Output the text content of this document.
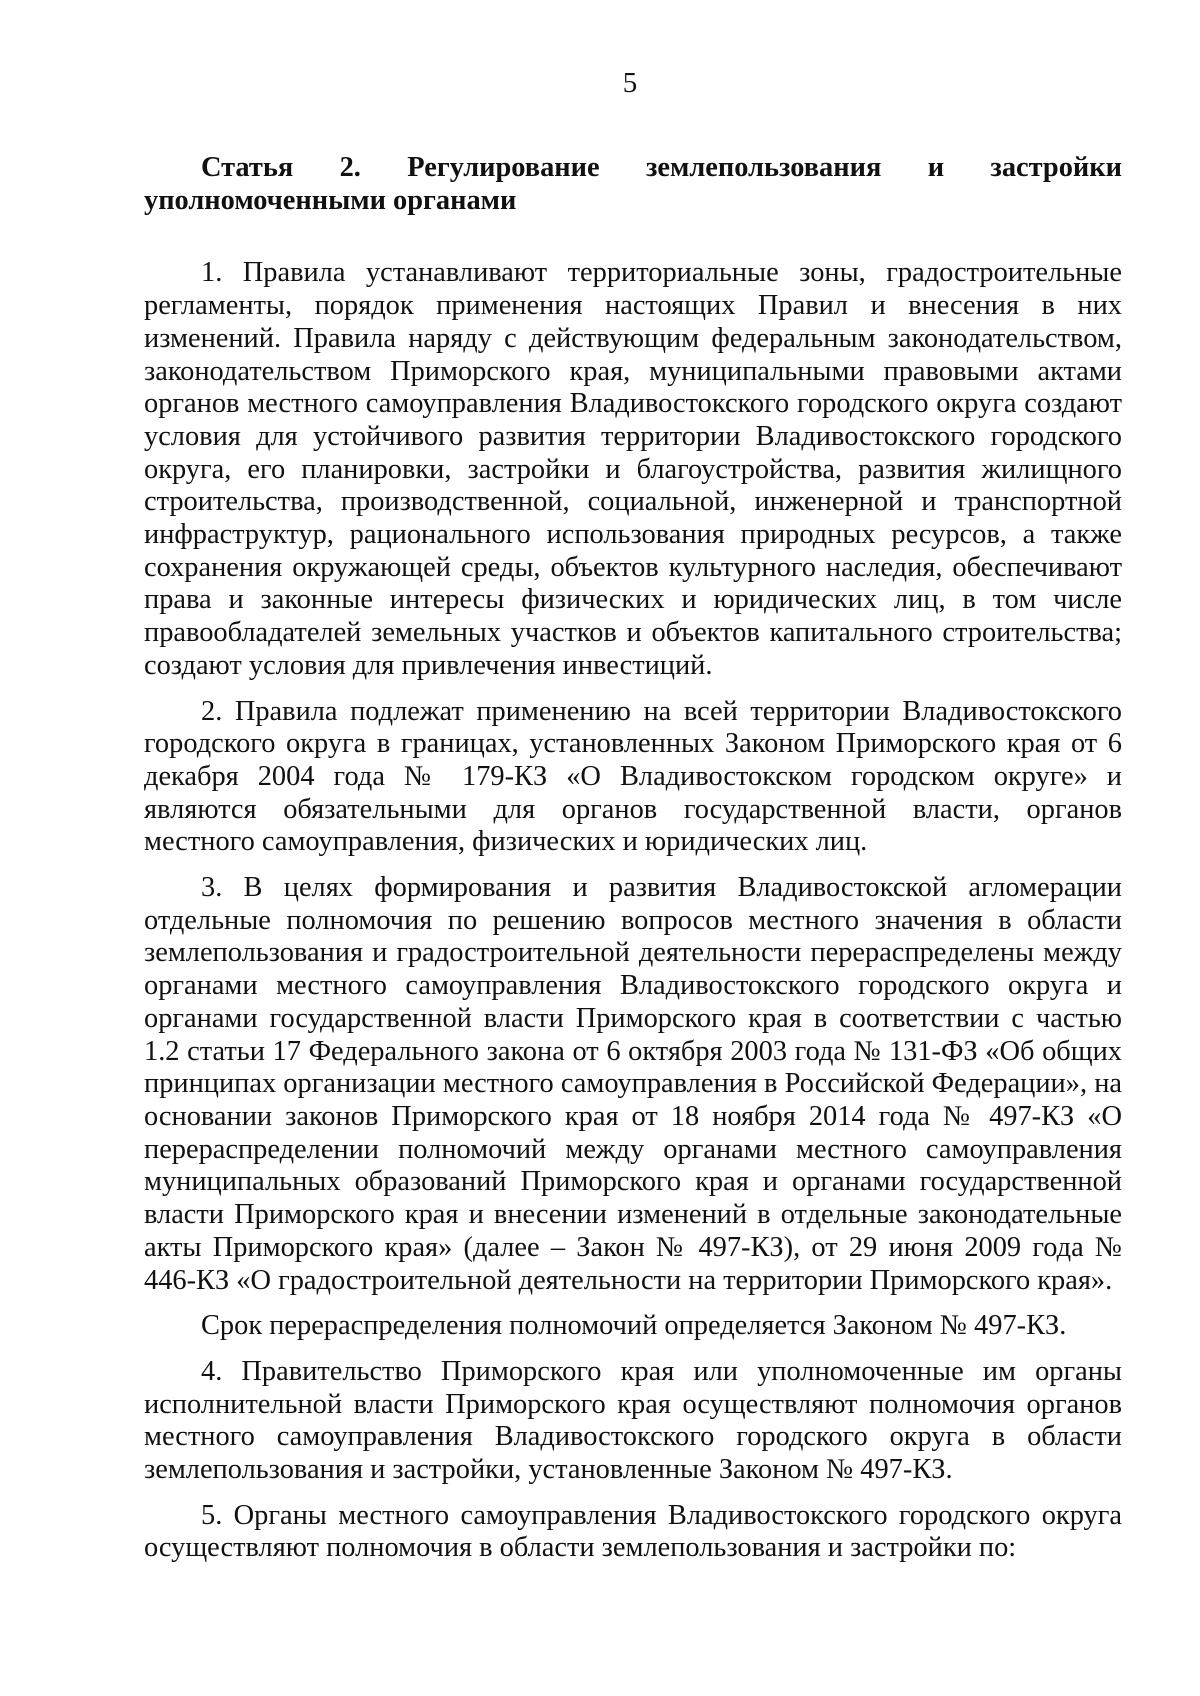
5

Статья 2. Регулирование землепользования и застройки уполномоченными органами

1. Правила устанавливают территориальные зоны, градостроительные регламенты, порядок применения настоящих Правил и внесения в них изменений. Правила наряду с действующим федеральным законодательством, законодательством Приморского края, муниципальными правовыми актами органов местного самоуправления Владивостокского городского округа создают условия для устойчивого развития территории Владивостокского городского округа, его планировки, застройки и благоустройства, развития жилищного строительства, производственной, социальной, инженерной и транспортной инфраструктур, рационального использования природных ресурсов, а также сохранения окружающей среды, объектов культурного наследия, обеспечивают права и законные интересы физических и юридических лиц, в том числе правообладателей земельных участков и объектов капитального строительства; создают условия для привлечения инвестиций.

2. Правила подлежат применению на всей территории Владивостокского городского округа в границах, установленных Законом Приморского края от 6 декабря 2004 года № 179-КЗ «О Владивостокском городском округе» и являются обязательными для органов государственной власти, органов местного самоуправления, физических и юридических лиц.

3. В целях формирования и развития Владивостокской агломерации отдельные полномочия по решению вопросов местного значения в области землепользования и градостроительной деятельности перераспределены между органами местного самоуправления Владивостокского городского округа и органами государственной власти Приморского края в соответствии с частью 1.2 статьи 17 Федерального закона от 6 октября 2003 года № 131-ФЗ «Об общих принципах организации местного самоуправления в Российской Федерации», на основании законов Приморского края от 18 ноября 2014 года № 497-КЗ «О перераспределении полномочий между органами местного самоуправления муниципальных образований Приморского края и органами государственной власти Приморского края и внесении изменений в отдельные законодательные акты Приморского края» (далее – Закон № 497-КЗ), от 29 июня 2009 года № 446-КЗ «О градостроительной деятельности на территории Приморского края».

Срок перераспределения полномочий определяется Законом № 497-КЗ.

4. Правительство Приморского края или уполномоченные им органы исполнительной власти Приморского края осуществляют полномочия органов местного самоуправления Владивостокского городского округа в области землепользования и застройки, установленные Законом № 497-КЗ.

5. Органы местного самоуправления Владивостокского городского округа осуществляют полномочия в области землепользования и застройки по:
